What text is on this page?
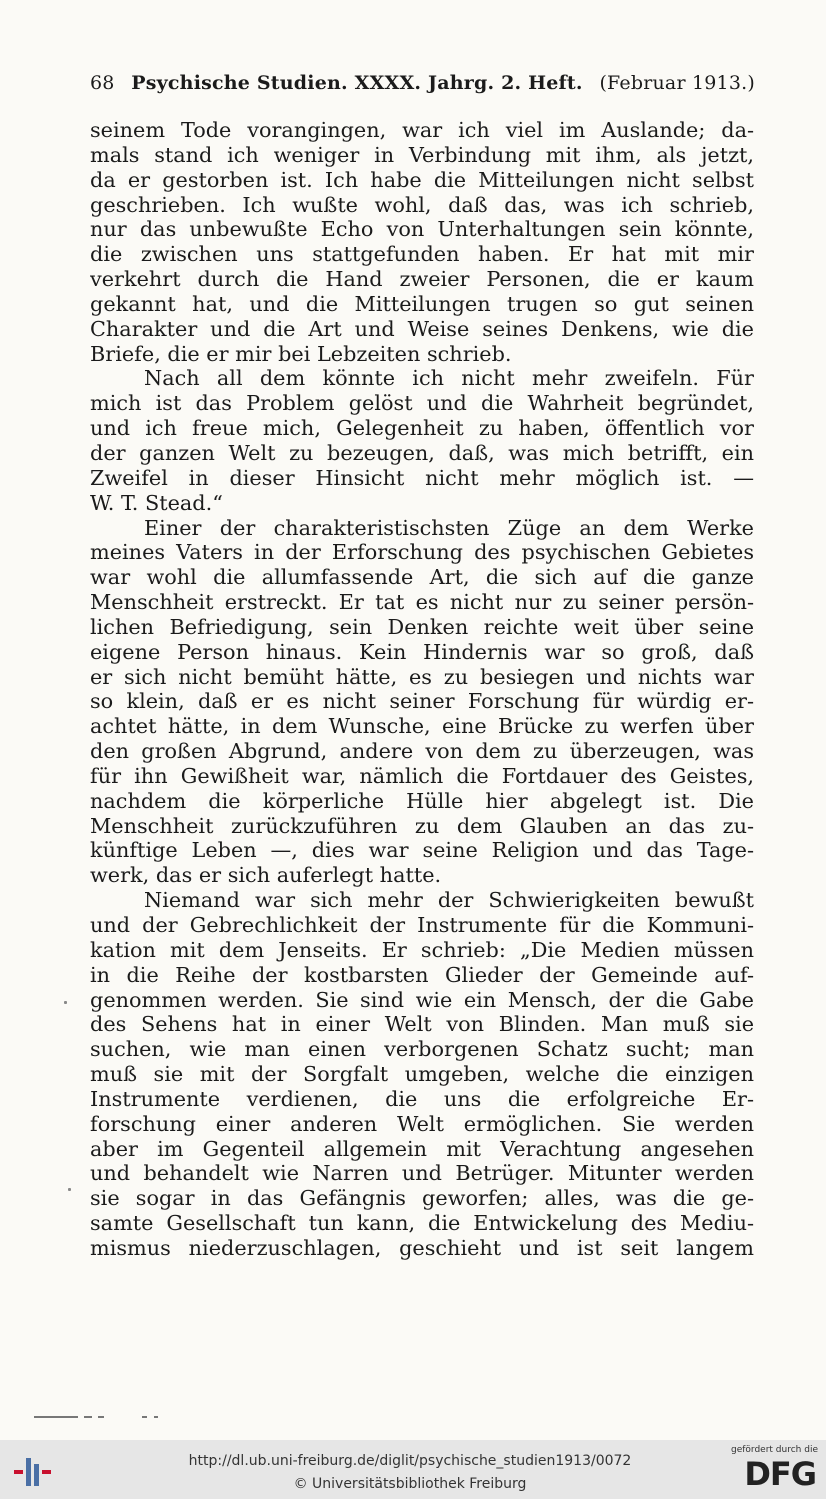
68 Psychische Studien. XXXX. Jahrg. 2. Heft. (Februar 1913.)
seinem Tode vorangingen, war ich viel im Auslande; da-
mals stand ich weniger in Verbindung mit ihm, als jetzt,
da er gestorben ist. Ich habe die Mitteilungen nicht selbst
geschrieben. Ich wußte wohl, daß das, was ich schrieb,
nur das unbewußte Echo von Unterhaltungen sein könnte,
die zwischen uns stattgefunden haben. Er hat mit mir
verkehrt durch die Hand zweier Personen, die er kaum
gekannt hat, und die Mitteilungen trugen so gut seinen
Charakter und die Art und Weise seines Denkens, wie die
Briefe, die er mir bei Lebzeiten schrieb.
Nach all dem könnte ich nicht mehr zweifeln. Für
mich ist das Problem gelöst und die Wahrheit begründet,
und ich freue mich, Gelegenheit zu haben, öffentlich vor
der ganzen Welt zu bezeugen, daß, was mich betrifft, ein
Zweifel in dieser Hinsicht nicht mehr möglich ist. —
W. T. Stead.“
Einer der charakteristischsten Züge an dem Werke
meines Vaters in der Erforschung des psychischen Gebietes
war wohl die allumfassende Art, die sich auf die ganze
Menschheit erstreckt. Er tat es nicht nur zu seiner persön-
lichen Befriedigung, sein Denken reichte weit über seine
eigene Person hinaus. Kein Hindernis war so groß, daß
er sich nicht bemüht hätte, es zu besiegen und nichts war
so klein, daß er es nicht seiner Forschung für würdig er-
achtet hätte, in dem Wunsche, eine Brücke zu werfen über
den großen Abgrund, andere von dem zu überzeugen, was
für ihn Gewißheit war, nämlich die Fortdauer des Geistes,
nachdem die körperliche Hülle hier abgelegt ist. Die
Menschheit zurückzuführen zu dem Glauben an das zu-
künftige Leben —, dies war seine Religion und das Tage-
werk, das er sich auferlegt hatte.
Niemand war sich mehr der Schwierigkeiten bewußt
und der Gebrechlichkeit der Instrumente für die Kommuni-
kation mit dem Jenseits. Er schrieb: „Die Medien müssen
in die Reihe der kostbarsten Glieder der Gemeinde auf-
genommen werden. Sie sind wie ein Mensch, der die Gabe
des Sehens hat in einer Welt von Blinden. Man muß sie
suchen, wie man einen verborgenen Schatz sucht; man
muß sie mit der Sorgfalt umgeben, welche die einzigen
Instrumente verdienen, die uns die erfolgreiche Er-
forschung einer anderen Welt ermöglichen. Sie werden
aber im Gegenteil allgemein mit Verachtung angesehen
und behandelt wie Narren und Betrüger. Mitunter werden
sie sogar in das Gefängnis geworfen; alles, was die ge-
samte Gesellschaft tun kann, die Entwickelung des Mediu-
mismus niederzuschlagen, geschieht und ist seit langem
http://dl.ub.uni-freiburg.de/diglit/psychische_studien1913/0072
© Universitätsbibliothek Freiburg
gefördert durch die
DFG
